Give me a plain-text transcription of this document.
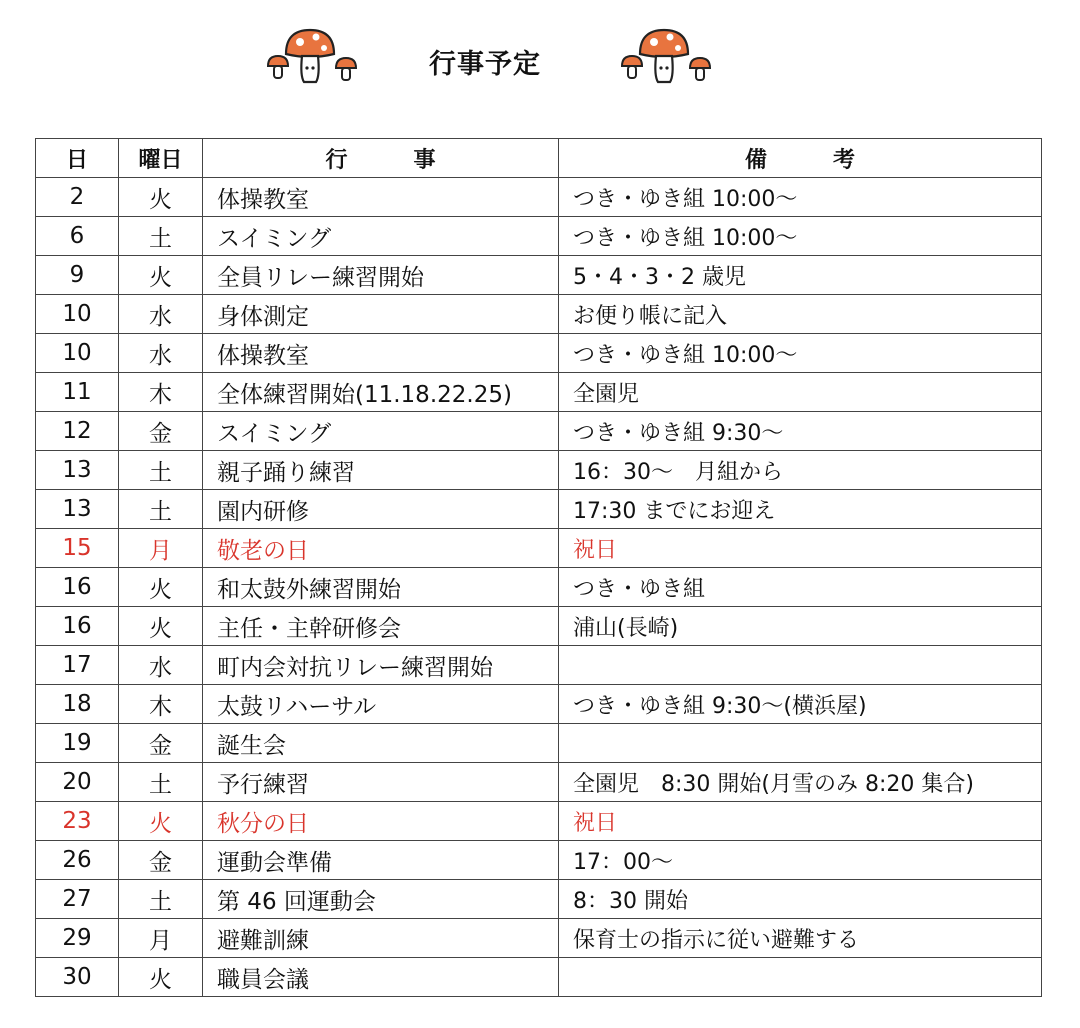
行事予定
日	曜日	行　　　事	備　　　考
2	火	体操教室	つき・ゆき組 10:00～
6	土	スイミング	つき・ゆき組 10:00～
9	火	全員リレー練習開始	5・4・3・2 歳児
10	水	身体測定	お便り帳に記入
10	水	体操教室	つき・ゆき組 10:00～
11	木	全体練習開始(11.18.22.25)	全園児
12	金	スイミング	つき・ゆき組 9:30～
13	土	親子踊り練習	16：30～　月組から
13	土	園内研修	17:30 までにお迎え
15	月	敬老の日	祝日
16	火	和太鼓外練習開始	つき・ゆき組
16	火	主任・主幹研修会	浦山(長崎)
17	水	町内会対抗リレー練習開始	
18	木	太鼓リハーサル	つき・ゆき組 9:30～(横浜屋)
19	金	誕生会	
20	土	予行練習	全園児　8:30 開始(月雪のみ 8:20 集合)
23	火	秋分の日	祝日
26	金	運動会準備	17：00～
27	土	第 46 回運動会	8：30 開始
29	月	避難訓練	保育士の指示に従い避難する
30	火	職員会議	
